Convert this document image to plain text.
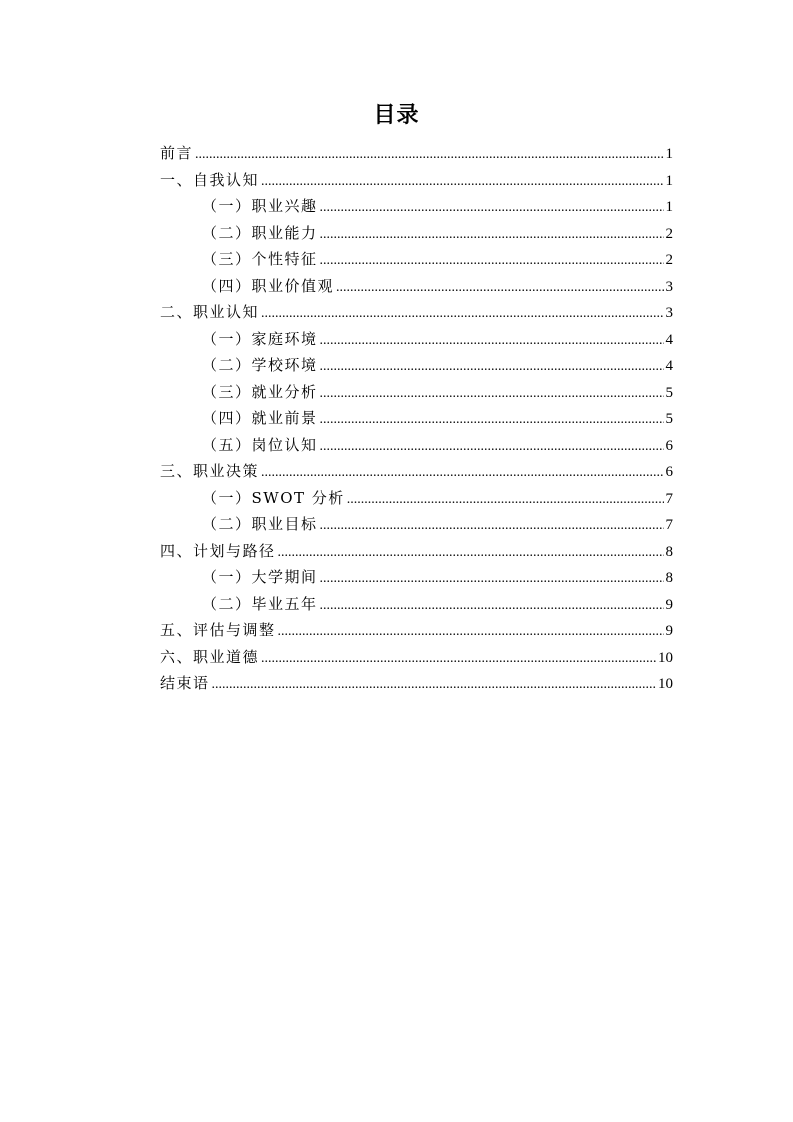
目录
前言 .....	1
一、自我认知 .....	1
（一）职业兴趣 .....	1
（二）职业能力 .....	2
（三）个性特征 .....	2
（四）职业价值观 .....	3
二、职业认知 .....	3
（一）家庭环境 .....	4
（二）学校环境 .....	4
（三）就业分析 .....	5
（四）就业前景 .....	5
（五）岗位认知 .....	6
三、职业决策 .....	6
（一）SWOT 分析 .....	7
（二）职业目标 .....	7
四、计划与路径 .....	8
（一）大学期间 .....	8
（二）毕业五年 .....	9
五、评估与调整 .....	9
六、职业道德 .....	10
结束语 .....	10
